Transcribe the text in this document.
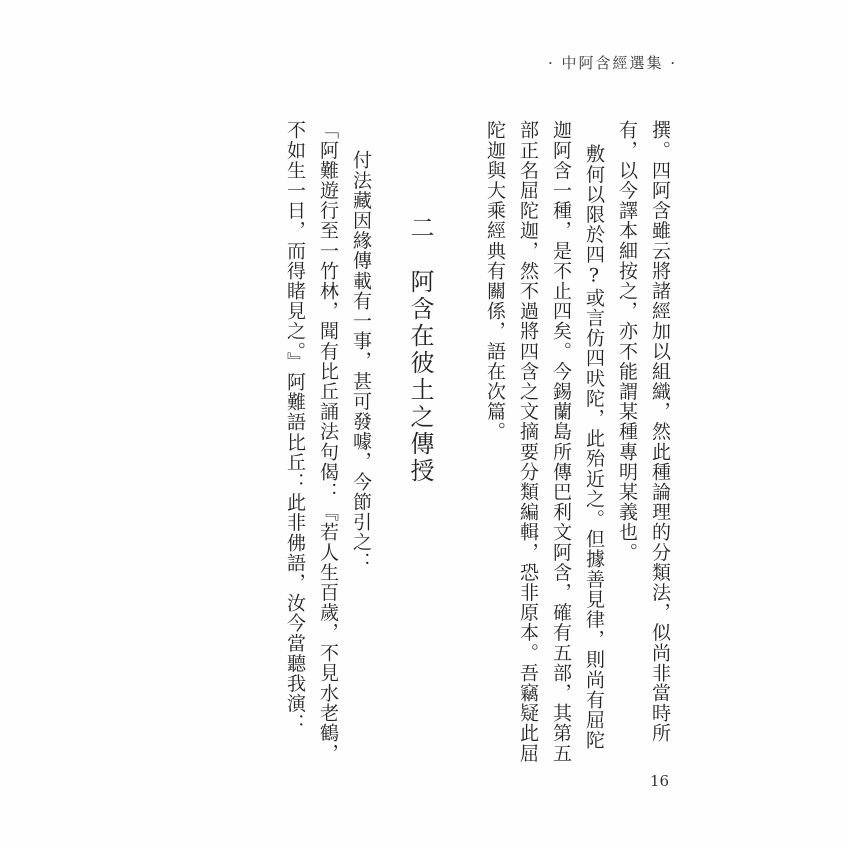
· 中阿含經選集 ·
撰。四阿含雖云將諸經加以組織，然此種論理的分類法，似尚非當時所
有，以今譯本細按之，亦不能謂某種專明某義也。
敷何以限於四?或言仿四吠陀，此殆近之。但據善見律，則尚有屈陀
迦阿含一種，是不止四矣。今錫蘭島所傳巴利文阿含，確有五部，其第五
部正名屈陀迦，然不過將四含之文摘要分類編輯，恐非原本。吾竊疑此屈
陀迦與大乘經典有關係，語在次篇。
二　阿含在彼土之傳授
付法藏因緣傳載有一事，甚可發噱，今節引之：
「阿難遊行至一竹林，聞有比丘誦法句偈：『若人生百歲，不見水老鶴，
不如生一日，而得睹見之。』阿難語比丘：此非佛語，汝今當聽我演：
16
